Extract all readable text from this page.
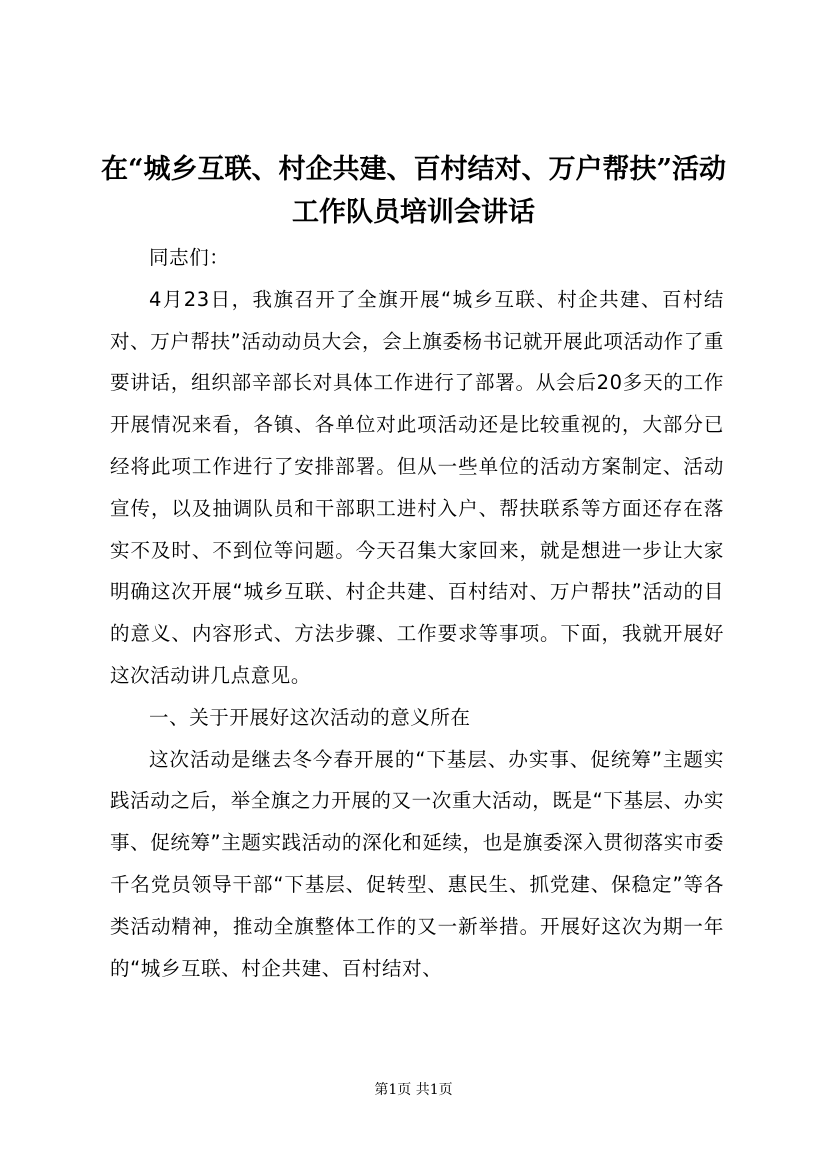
在“城乡互联、村企共建、百村结对、万户帮扶”活动工作队员培训会讲话

同志们：

4月23日，我旗召开了全旗开展“城乡互联、村企共建、百村结对、万户帮扶”活动动员大会，会上旗委杨书记就开展此项活动作了重要讲话，组织部辛部长对具体工作进行了部署。从会后20多天的工作开展情况来看，各镇、各单位对此项活动还是比较重视的，大部分已经将此项工作进行了安排部署。但从一些单位的活动方案制定、活动宣传，以及抽调队员和干部职工进村入户、帮扶联系等方面还存在落实不及时、不到位等问题。今天召集大家回来，就是想进一步让大家明确这次开展“城乡互联、村企共建、百村结对、万户帮扶”活动的目的意义、内容形式、方法步骤、工作要求等事项。下面，我就开展好这次活动讲几点意见。

一、关于开展好这次活动的意义所在

这次活动是继去冬今春开展的“下基层、办实事、促统筹”主题实践活动之后，举全旗之力开展的又一次重大活动，既是“下基层、办实事、促统筹”主题实践活动的深化和延续，也是旗委深入贯彻落实市委千名党员领导干部“下基层、促转型、惠民生、抓党建、保稳定”等各类活动精神，推动全旗整体工作的又一新举措。开展好这次为期一年的“城乡互联、村企共建、百村结对、

第1页 共1页
